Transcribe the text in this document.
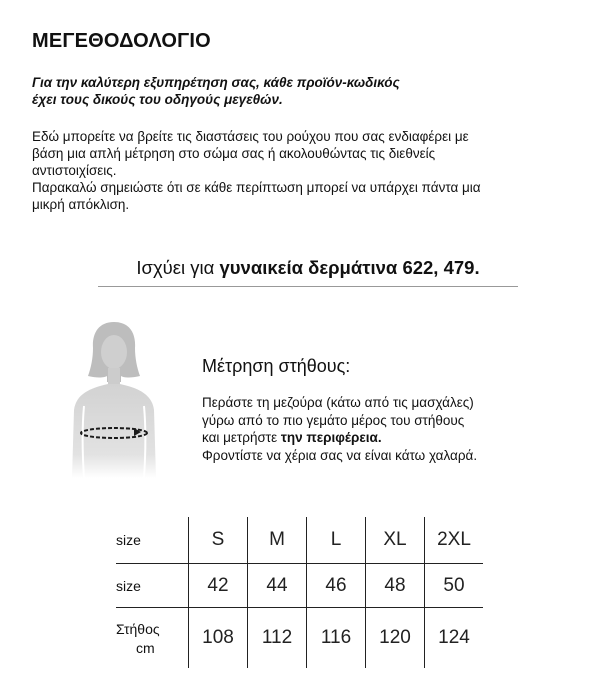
ΜΕΓΕΘΟΔΟΛΟΓΙΟ
Για την καλύτερη εξυπηρέτηση σας, κάθε προϊόν-κωδικός
έχει τους δικούς του οδηγούς μεγεθών.
Εδώ μπορείτε να βρείτε τις διαστάσεις του ρούχου που σας ενδιαφέρει με
βάση μια απλή μέτρηση στο σώμα σας ή ακολουθώντας τις διεθνείς
αντιστοιχίσεις.
Παρακαλώ σημειώστε ότι σε κάθε περίπτωση μπορεί να υπάρχει πάντα μια
μικρή απόκλιση.
Ισχύει για γυναικεία δερμάτινα 622, 479.
Μέτρηση στήθους:
Περάστε τη μεζούρα (κάτω από τις μασχάλες)
γύρω από το πιο γεμάτο μέρος του στήθους
και μετρήστε την περιφέρεια.
Φροντίστε να χέρια σας να είναι κάτω χαλαρά.
size	S	M	L	XL	2XL
size	42	44	46	48	50

Στήθος
cm	108	112	116	120	124
